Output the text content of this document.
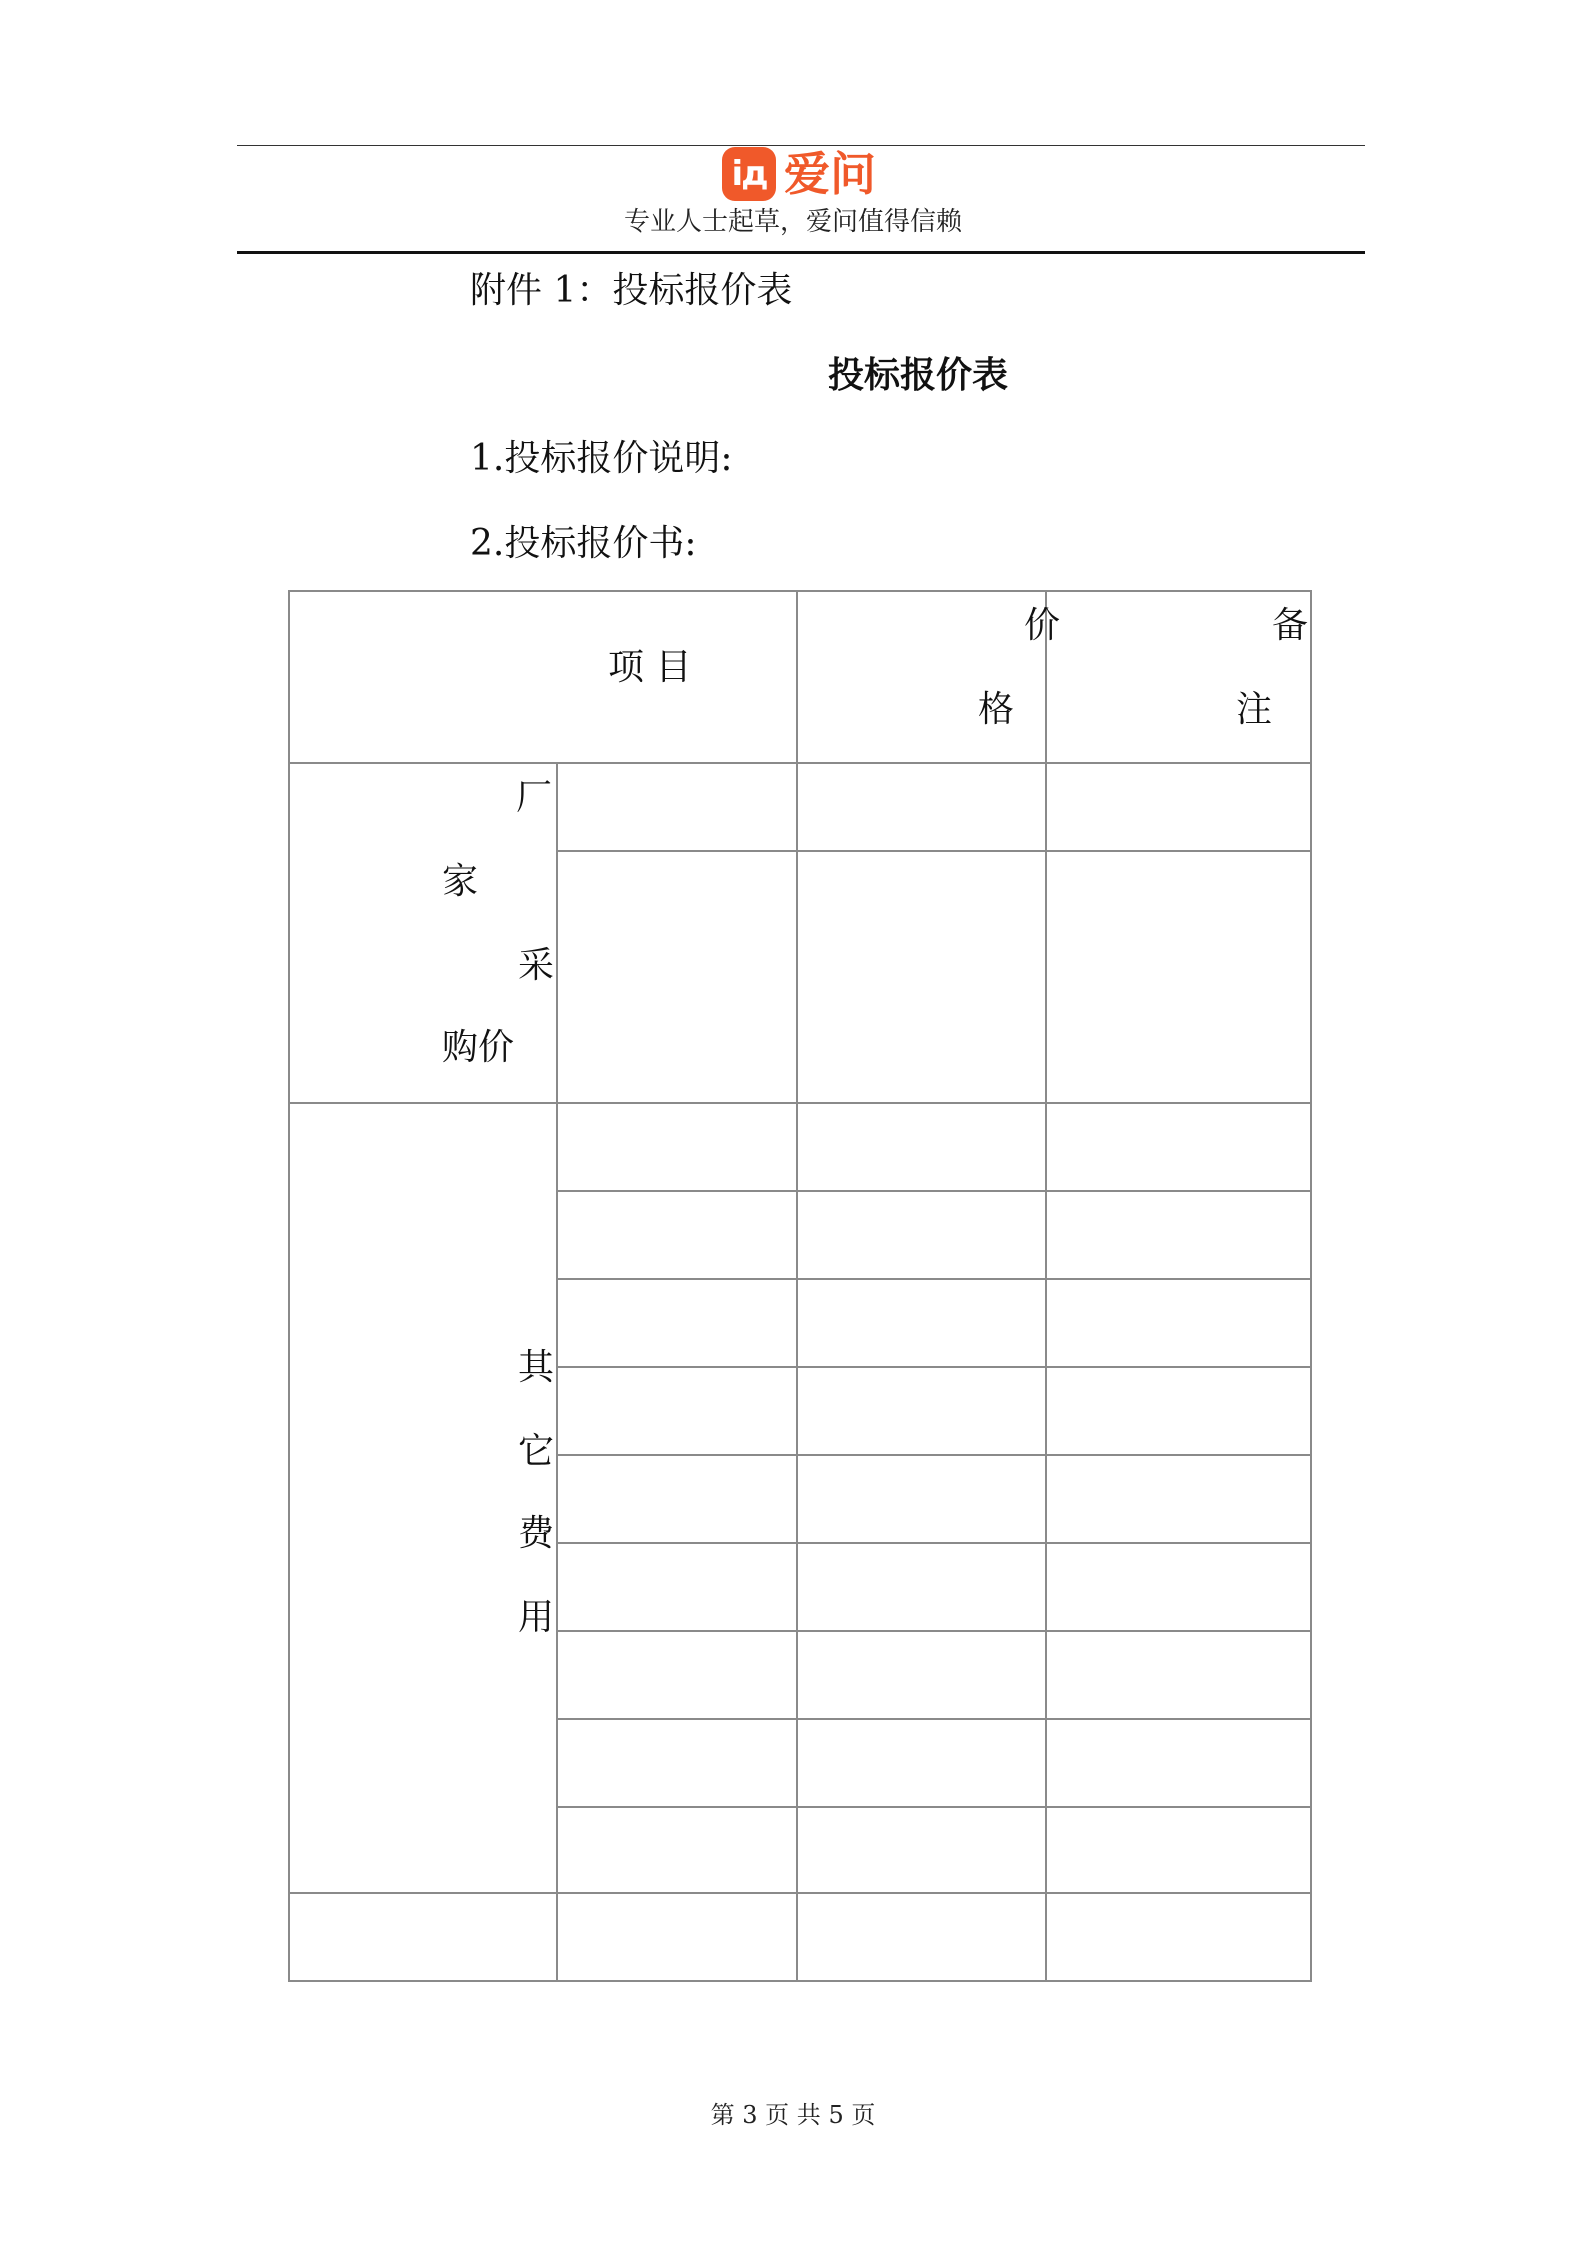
iд 爱问
专业人士起草，爱问值得信赖
附件 1：投标报价表
投标报价表
1.投标报价说明:
2.投标报价书:
项 目
价
格
备
注
厂
家
采
购价
其
它
费
用
第 3 页 共 5 页
